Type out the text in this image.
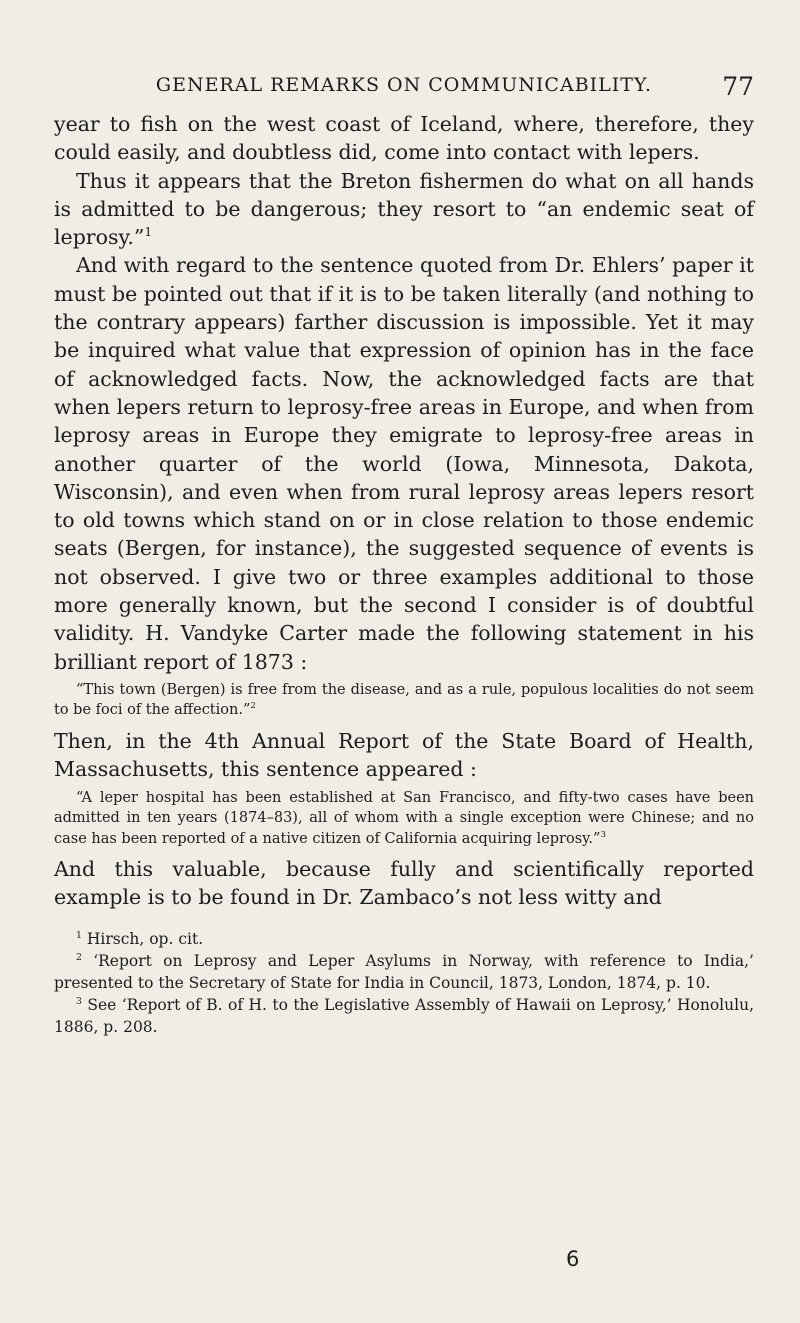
GENERAL REMARKS ON COMMUNICABILITY.	77

year to fish on the west coast of Iceland, where, therefore, they could easily, and doubtless did, come into contact with lepers.

Thus it appears that the Breton fishermen do what on all hands is admitted to be dangerous; they resort to “an endemic seat of leprosy.”$^1$

And with regard to the sentence quoted from Dr. Ehlers’ paper it must be pointed out that if it is to be taken literally (and nothing to the contrary appears) farther discussion is impossible. Yet it may be inquired what value that expression of opinion has in the face of acknowledged facts. Now, the acknowledged facts are that when lepers return to leprosy-free areas in Europe, and when from leprosy areas in Europe they emigrate to leprosy-free areas in another quarter of the world (Iowa, Minnesota, Dakota, Wisconsin), and even when from rural leprosy areas lepers resort to old towns which stand on or in close relation to those endemic seats (Bergen, for instance), the suggested sequence of events is not observed. I give two or three examples additional to those more generally known, but the second I consider is of doubtful validity. H. Vandyke Carter made the following statement in his brilliant report of 1873 :

“This town (Bergen) is free from the disease, and as a rule, populous localities do not seem to be foci of the affection.”$^2$

Then, in the 4th Annual Report of the State Board of Health, Massachusetts, this sentence appeared :

“A leper hospital has been established at San Francisco, and fifty-two cases have been admitted in ten years (1874–83), all of whom with a single exception were Chinese; and no case has been reported of a native citizen of California acquiring leprosy.”$^3$

And this valuable, because fully and scientifically reported example is to be found in Dr. Zambaco’s not less witty and

$^1$ Hirsch, op. cit.

$^2$ ‘Report on Leprosy and Leper Asylums in Norway, with reference to India,’ presented to the Secretary of State for India in Council, 1873, London, 1874, p. 10.

$^3$ See ‘Report of B. of H. to the Legislative Assembly of Hawaii on Leprosy,’ Honolulu, 1886, p. 208.

6
